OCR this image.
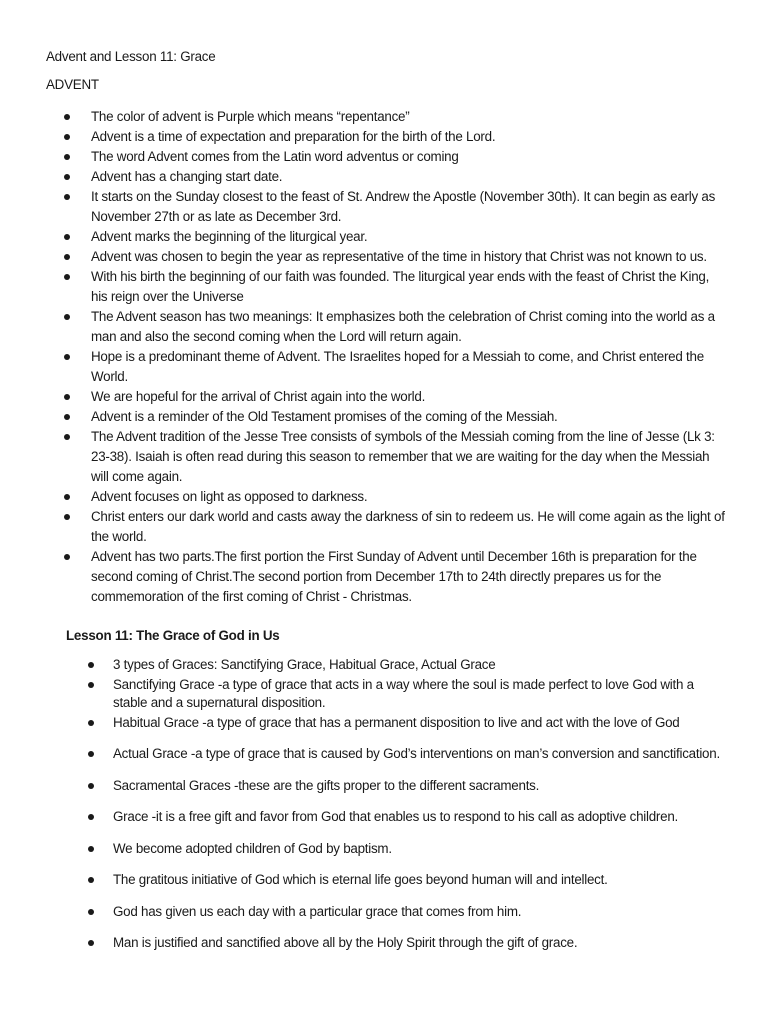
Advent and Lesson 11: Grace
ADVENT
The color of advent is Purple which means “repentance”
Advent is a time of expectation and preparation for the birth of the Lord.
The word Advent comes from the Latin word adventus or coming
Advent has a changing start date.
It starts on the Sunday closest to the feast of St. Andrew the Apostle (November 30th). It can begin as early as November 27th or as late as December 3rd.
Advent marks the beginning of the liturgical year.
Advent was chosen to begin the year as representative of the time in history that Christ was not known to us.
With his birth the beginning of our faith was founded. The liturgical year ends with the feast of Christ the King, his reign over the Universe
The Advent season has two meanings: It emphasizes both the celebration of Christ coming into the world as a man and also the second coming when the Lord will return again.
Hope is a predominant theme of Advent. The Israelites hoped for a Messiah to come, and Christ entered the World.
We are hopeful for the arrival of Christ again into the world.
Advent is a reminder of the Old Testament promises of the coming of the Messiah.
The Advent tradition of the Jesse Tree consists of symbols of the Messiah coming from the line of Jesse (Lk 3: 23-38). Isaiah is often read during this season to remember that we are waiting for the day when the Messiah will come again.
Advent focuses on light as opposed to darkness.
Christ enters our dark world and casts away the darkness of sin to redeem us. He will come again as the light of the world.
Advent has two parts.The first portion the First Sunday of Advent until December 16th is preparation for the second coming of Christ.The second portion from December 17th to 24th directly prepares us for the commemoration of the first coming of Christ - Christmas.
Lesson 11: The Grace of God in Us
3 types of Graces: Sanctifying Grace, Habitual Grace, Actual Grace
Sanctifying Grace -a type of grace that acts in a way where the soul is made perfect to love God with a stable and a supernatural disposition.
Habitual Grace -a type of grace that has a permanent disposition to live and act with the love of God
Actual Grace -a type of grace that is caused by God’s interventions on man’s conversion and sanctification.
Sacramental Graces -these are the gifts proper to the different sacraments.
Grace -it is a free gift and favor from God that enables us to respond to his call as adoptive children.
We become adopted children of God by baptism.
The gratitous initiative of God which is eternal life goes beyond human will and intellect.
God has given us each day with a particular grace that comes from him.
Man is justified and sanctified above all by the Holy Spirit through the gift of grace.
